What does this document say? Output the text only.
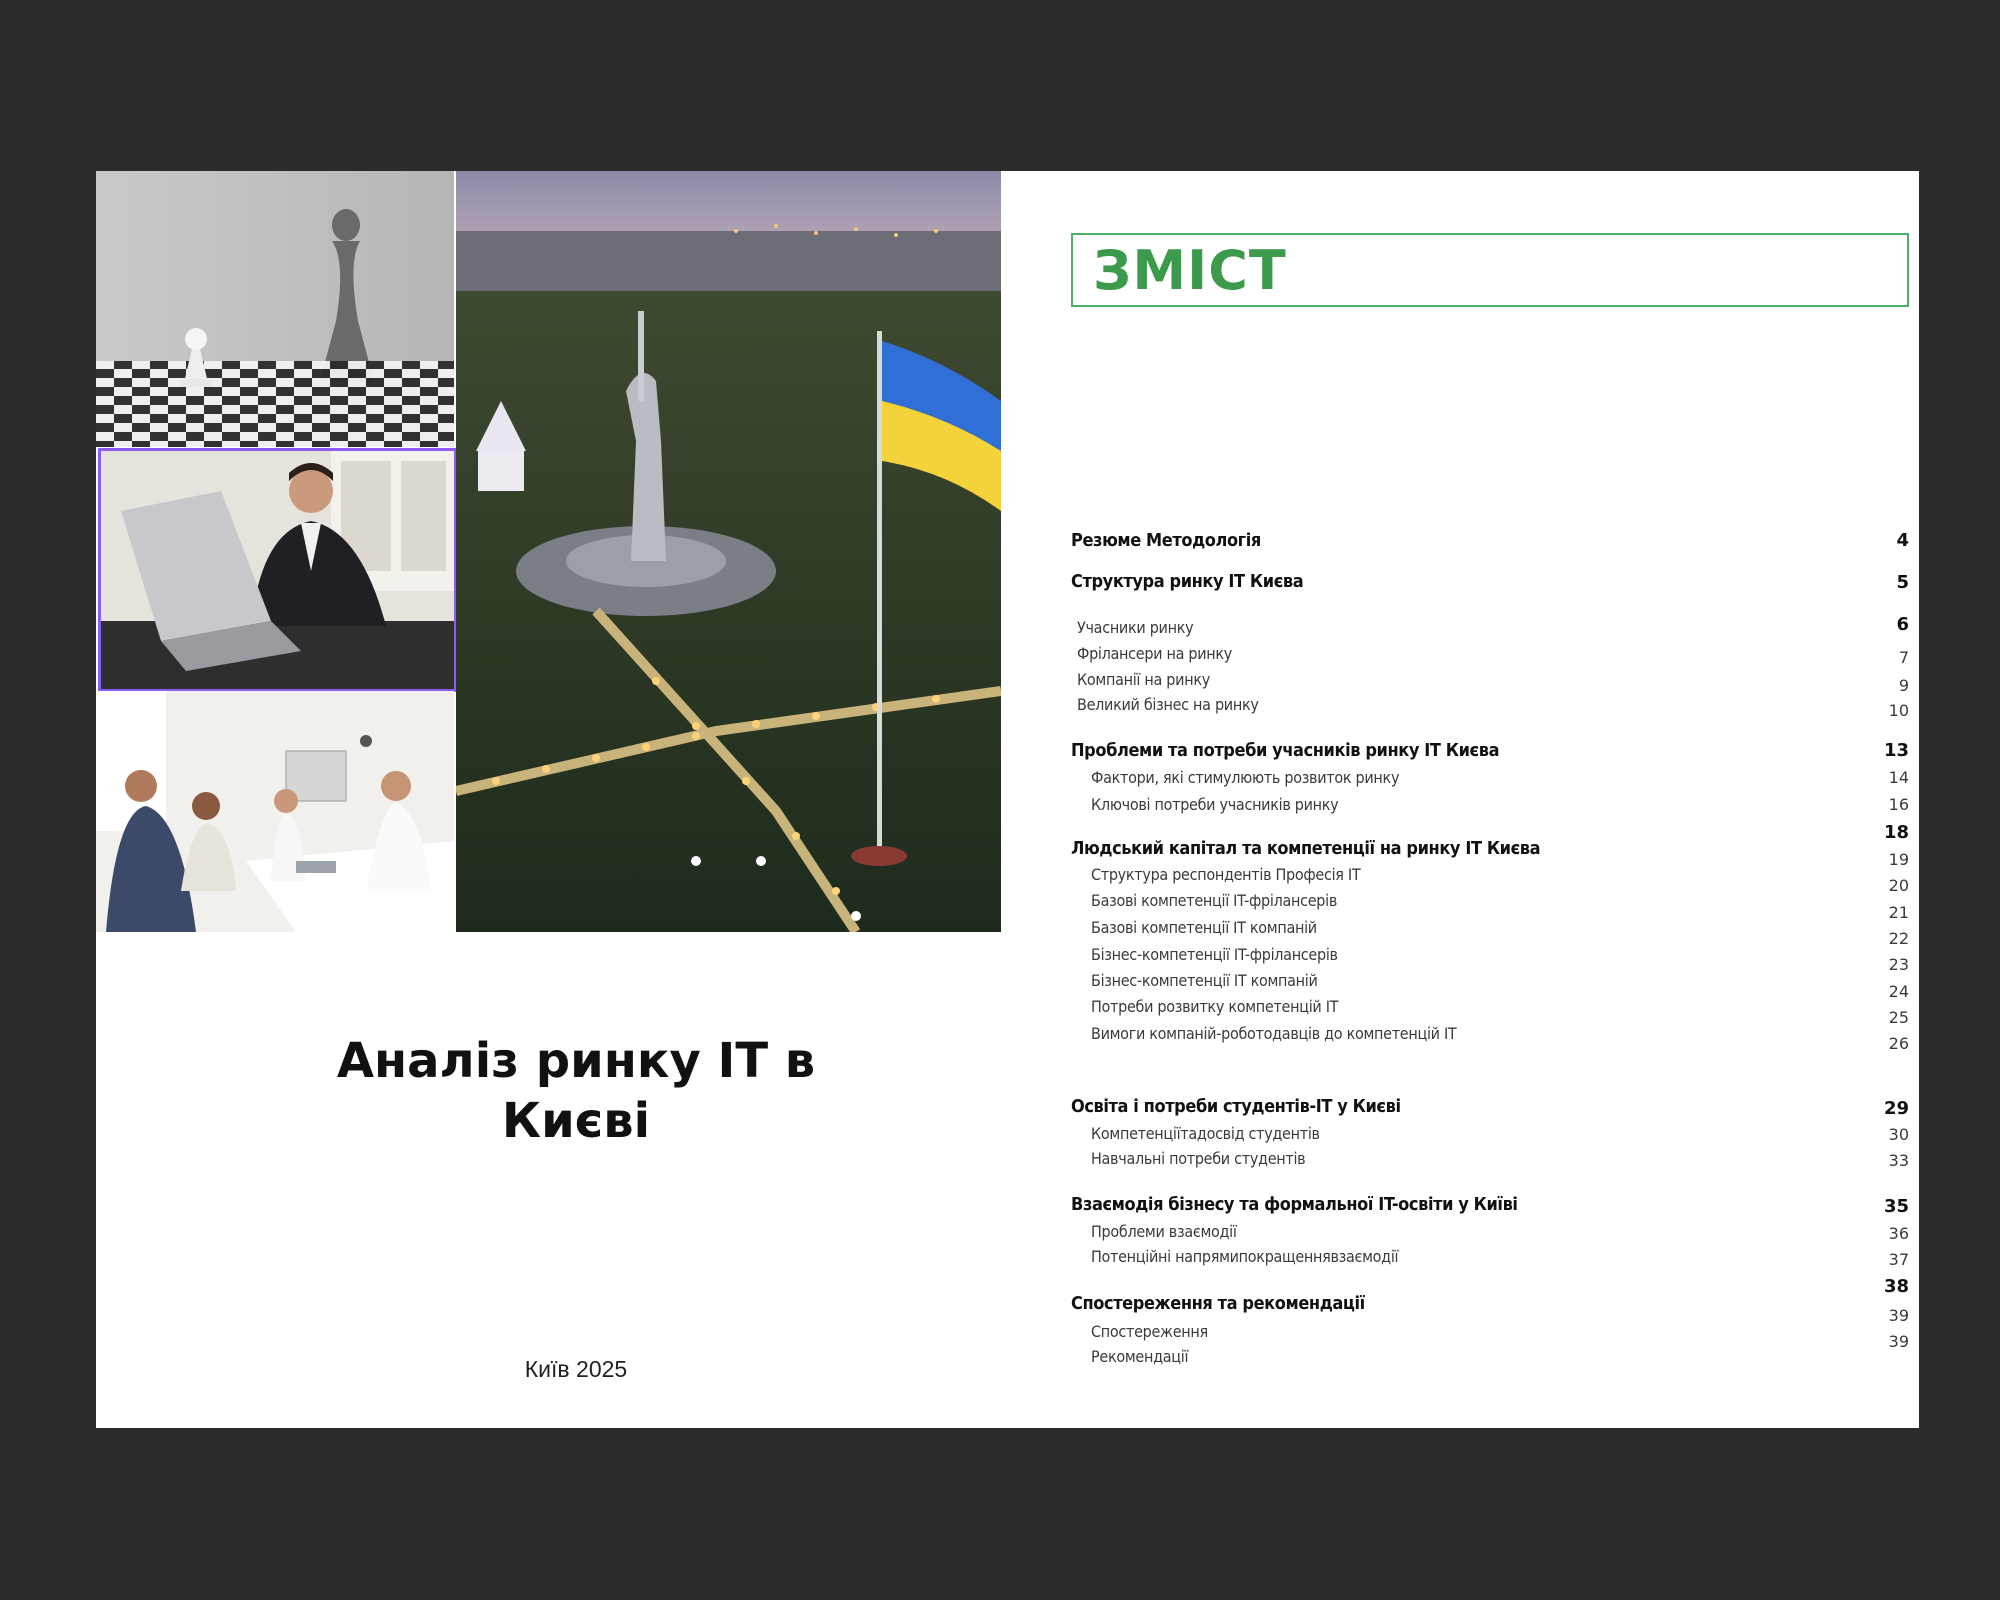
Аналіз ринку IT в
Києві
Київ 2025
ЗМІСТ
Резюме Методологія
Структура ринку IT Києва
Учасники ринку
Фрілансери на ринку
Компанії на ринку
Великий бізнес на ринку
Проблеми та потреби учасників ринку IT Києва
Фактори, які стимулюють розвиток ринку
Ключові потреби учасників ринку
Людський капітал та компетенції на ринку IT Києва
Структура респондентів Професія IT
Базові компетенції IT-фрілансерів
Базові компетенції IT компаній
Бізнес-компетенції IT-фрілансерів
Бізнес-компетенції IT компаній
Потреби розвитку компетенцій IT
Вимоги компаній-роботодавців до компетенцій IT
Освіта і потреби студентів-IT у Києві
Компетенціїтадосвід студентів
Навчальні потреби студентів
Взаємодія бізнесу та формальної IT-освіти у Київі
Проблеми взаємодії
Потенційні напрямипокращеннявзаємодії
Спостереження та рекомендації
Спостереження
Рекомендації
4
5
6
7
9
10
13
14
16
18
19
20
21
22
23
24
25
26
29
30
33
35
36
37
38
39
39
